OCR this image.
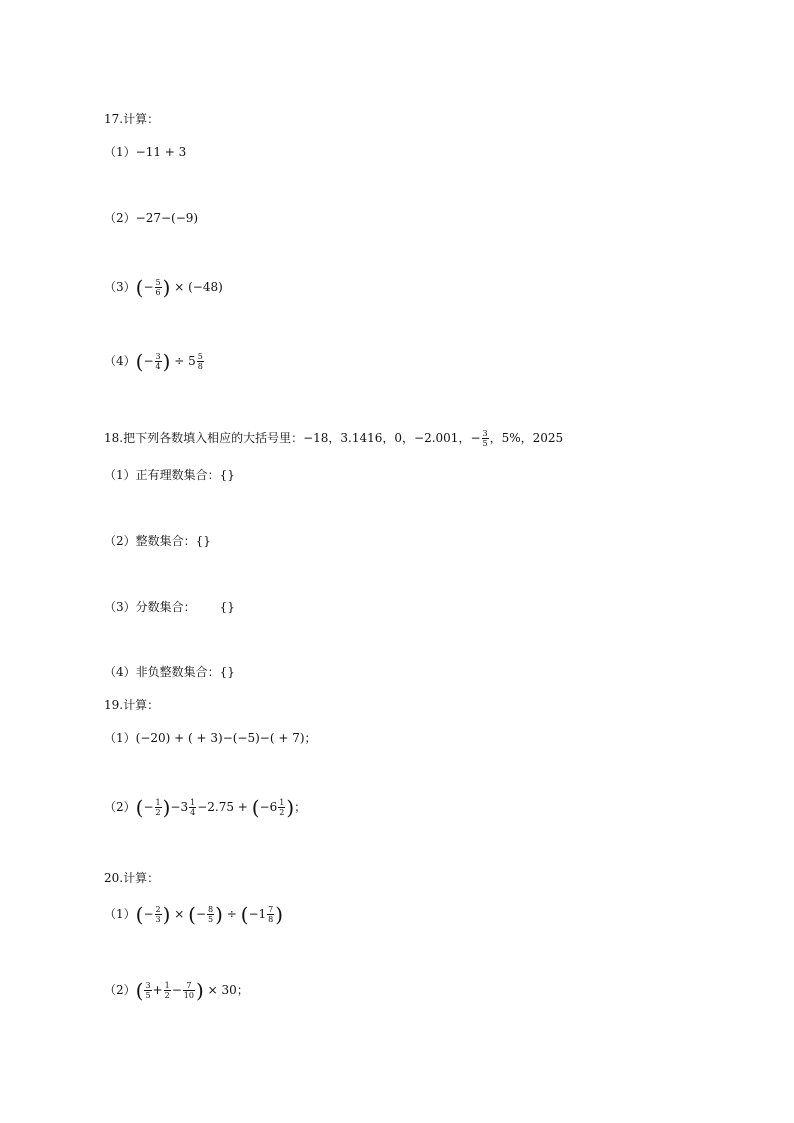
17.计算：
（1）−11 + 3
（2）−27−(−9)
$(3)(- \frac{5}{6}$ ) × (−48)
$(4)(- \frac{3}{4}$ ) ÷ $5 \frac{5}{8}$
18.把下列各数填入相应的大括号里：−18，3.1416，0，−2.001，− $\frac{3}{5}$ ，5%，2025
（1）正有理数集合：{}
（2）整数集合：{}
（3）分数集合： {}
（4）非负整数集合：{}
19.计算：
（1）(−20) + ( + 3)−(−5)−( + 7)；
$(2)(- \frac{1}{2} )-3 \frac{1}{4} -2.75 + (-6 \frac{1}{2}$ )；
20.计算：
$(1)(- \frac{2}{3}$ ) × (− $\frac{8}{5}$ ) ÷ ($-1 \frac{7}{8}$ )
$(2)( \frac{3}{5} + \frac{1}{2} - \frac{7}{10}$ ) × 30；
